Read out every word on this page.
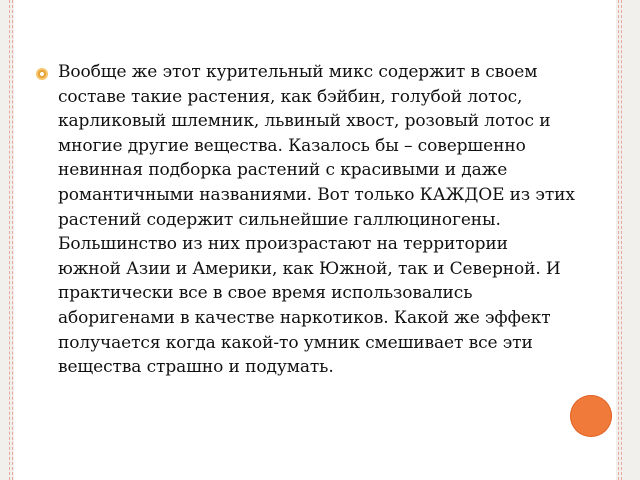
Вообще же этот курительный микс содержит в своем составе такие растения, как бэйбин, голубой лотос, карликовый шлемник, львиный хвост, розовый лотос и многие другие вещества. Казалось бы – совершенно невинная подборка растений с красивыми и даже романтичными названиями. Вот только КАЖДОЕ из этих растений содержит сильнейшие галлюциногены. Большинство из них произрастают на территории южной Азии и Америки, как Южной, так и Северной. И практически все в свое время использовались аборигенами в качестве наркотиков. Какой же эффект получается когда какой-то умник смешивает все эти вещества страшно и подумать.
